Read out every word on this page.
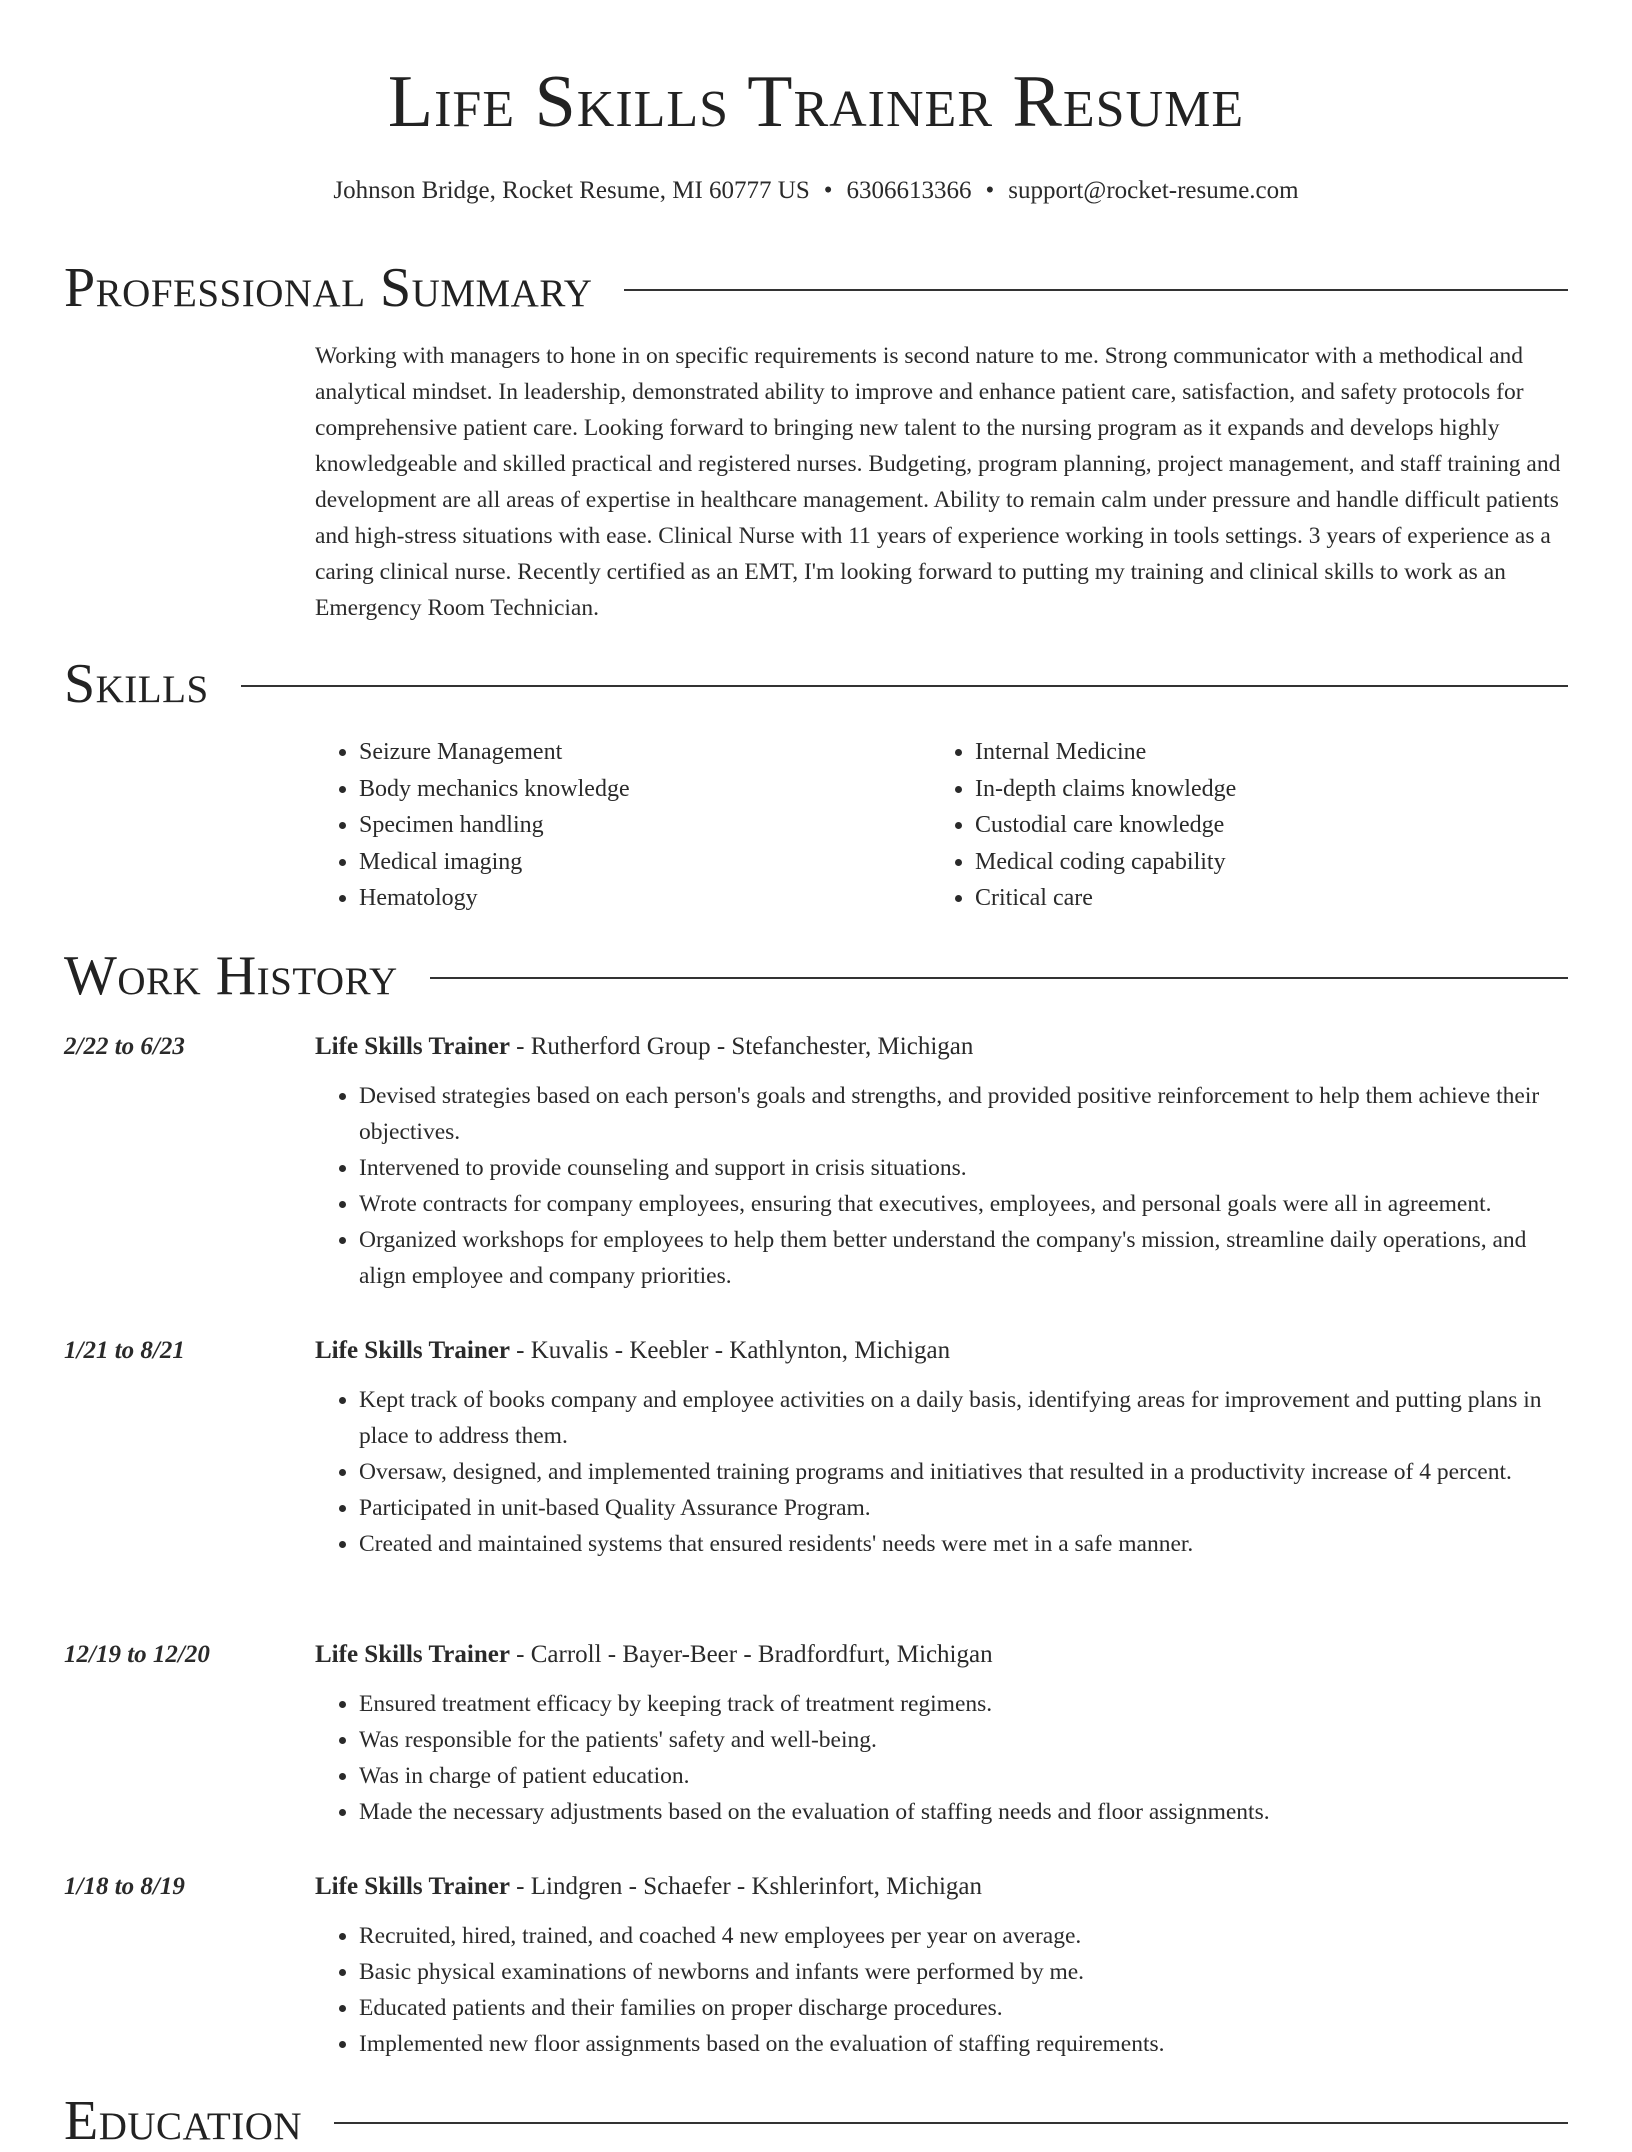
Life Skills Trainer Resume
Johnson Bridge, Rocket Resume, MI 60777 US • 6306613366 • support@rocket-resume.com
Professional Summary

Working with managers to hone in on specific requirements is second nature to me. Strong communicator with a methodical and analytical mindset. In leadership, demonstrated ability to improve and enhance patient care, satisfaction, and safety protocols for comprehensive patient care. Looking forward to bringing new talent to the nursing program as it expands and develops highly knowledgeable and skilled practical and registered nurses. Budgeting, program planning, project management, and staff training and development are all areas of expertise in healthcare management. Ability to remain calm under pressure and handle difficult patients and high-stress situations with ease. Clinical Nurse with 11 years of experience working in tools settings. 3 years of experience as a caring clinical nurse. Recently certified as an EMT, I'm looking forward to putting my training and clinical skills to work as an Emergency Room Technician.

Skills
• Seizure Management
• Body mechanics knowledge
• Specimen handling
• Medical imaging
• Hematology
• Internal Medicine
• In-depth claims knowledge
• Custodial care knowledge
• Medical coding capability
• Critical care
Work History
2/22 to 6/23	Life Skills Trainer - Rutherford Group - Stefanchester, Michigan
• Devised strategies based on each person's goals and strengths, and provided positive reinforcement to help them achieve their objectives.
• Intervened to provide counseling and support in crisis situations.
• Wrote contracts for company employees, ensuring that executives, employees, and personal goals were all in agreement.
• Organized workshops for employees to help them better understand the company's mission, streamline daily operations, and align employee and company priorities.
1/21 to 8/21	Life Skills Trainer - Kuvalis - Keebler - Kathlynton, Michigan
• Kept track of books company and employee activities on a daily basis, identifying areas for improvement and putting plans in place to address them.
• Oversaw, designed, and implemented training programs and initiatives that resulted in a productivity increase of 4 percent.
• Participated in unit-based Quality Assurance Program.
• Created and maintained systems that ensured residents' needs were met in a safe manner.
12/19 to 12/20	Life Skills Trainer - Carroll - Bayer-Beer - Bradfordfurt, Michigan
• Ensured treatment efficacy by keeping track of treatment regimens.
• Was responsible for the patients' safety and well-being.
• Was in charge of patient education.
• Made the necessary adjustments based on the evaluation of staffing needs and floor assignments.
1/18 to 8/19	Life Skills Trainer - Lindgren - Schaefer - Kshlerinfort, Michigan
• Recruited, hired, trained, and coached 4 new employees per year on average.
• Basic physical examinations of newborns and infants were performed by me.
• Educated patients and their families on proper discharge procedures.
• Implemented new floor assignments based on the evaluation of staffing requirements.
Education
